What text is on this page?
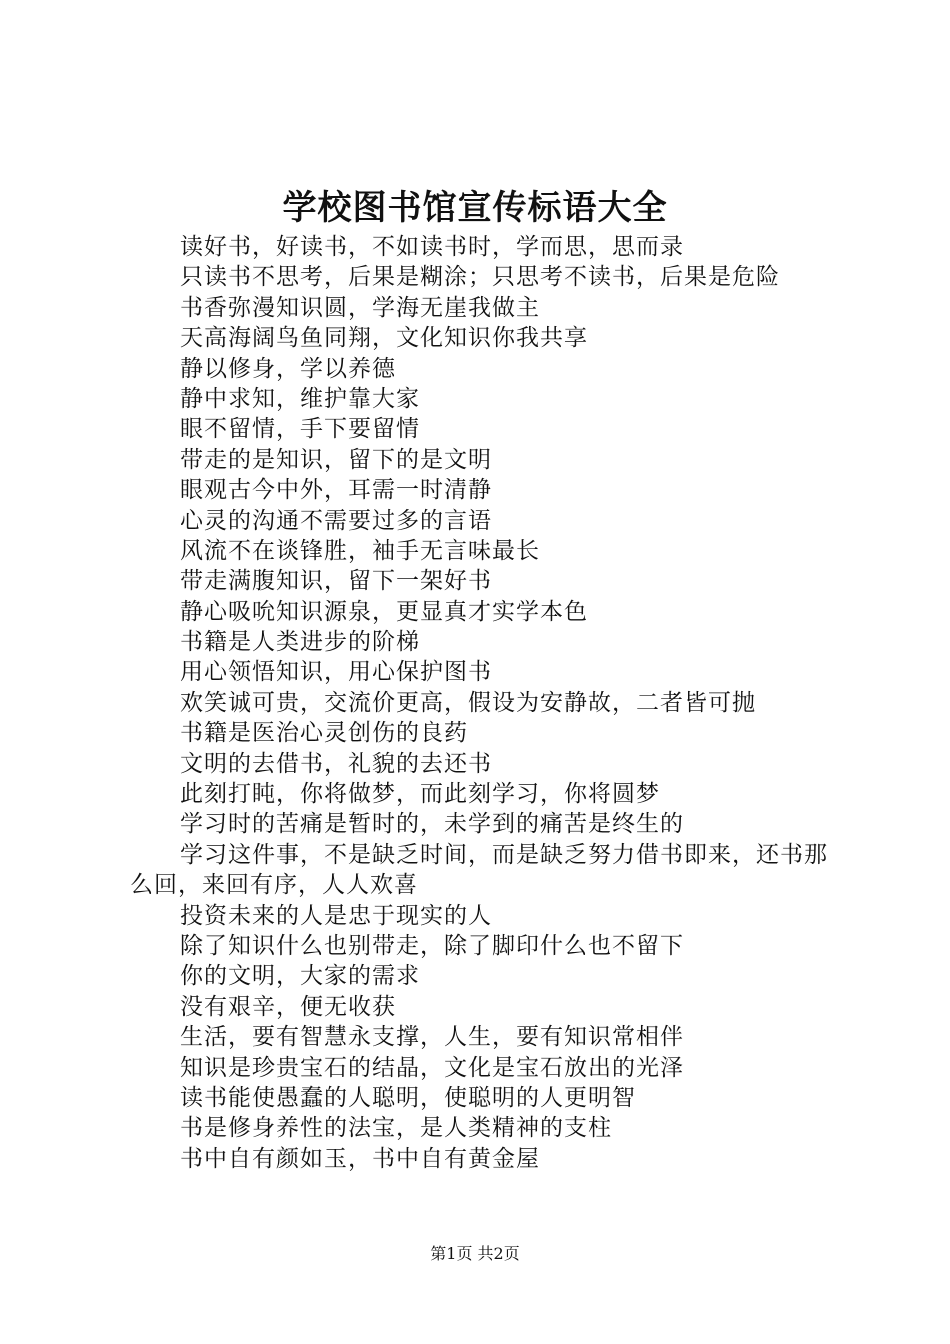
学校图书馆宣传标语大全
读好书，好读书，不如读书时，学而思，思而录
只读书不思考，后果是糊涂；只思考不读书，后果是危险
书香弥漫知识圆，学海无崖我做主
天高海阔鸟鱼同翔，文化知识你我共享
静以修身，学以养德
静中求知，维护靠大家
眼不留情，手下要留情
带走的是知识，留下的是文明
眼观古今中外，耳需一时清静
心灵的沟通不需要过多的言语
风流不在谈锋胜，袖手无言味最长
带走满腹知识，留下一架好书
静心吸吮知识源泉，更显真才实学本色
书籍是人类进步的阶梯
用心领悟知识，用心保护图书
欢笑诚可贵，交流价更高，假设为安静故，二者皆可抛
书籍是医治心灵创伤的良药
文明的去借书，礼貌的去还书
此刻打盹，你将做梦，而此刻学习，你将圆梦
学习时的苦痛是暂时的，未学到的痛苦是终生的
学习这件事，不是缺乏时间，而是缺乏努力借书即来，还书那么回，来回有序，人人欢喜
投资未来的人是忠于现实的人
除了知识什么也别带走，除了脚印什么也不留下
你的文明，大家的需求
没有艰辛，便无收获
生活，要有智慧永支撑，人生，要有知识常相伴
知识是珍贵宝石的结晶，文化是宝石放出的光泽
读书能使愚蠢的人聪明，使聪明的人更明智
书是修身养性的法宝，是人类精神的支柱
书中自有颜如玉，书中自有黄金屋
第1页 共2页
